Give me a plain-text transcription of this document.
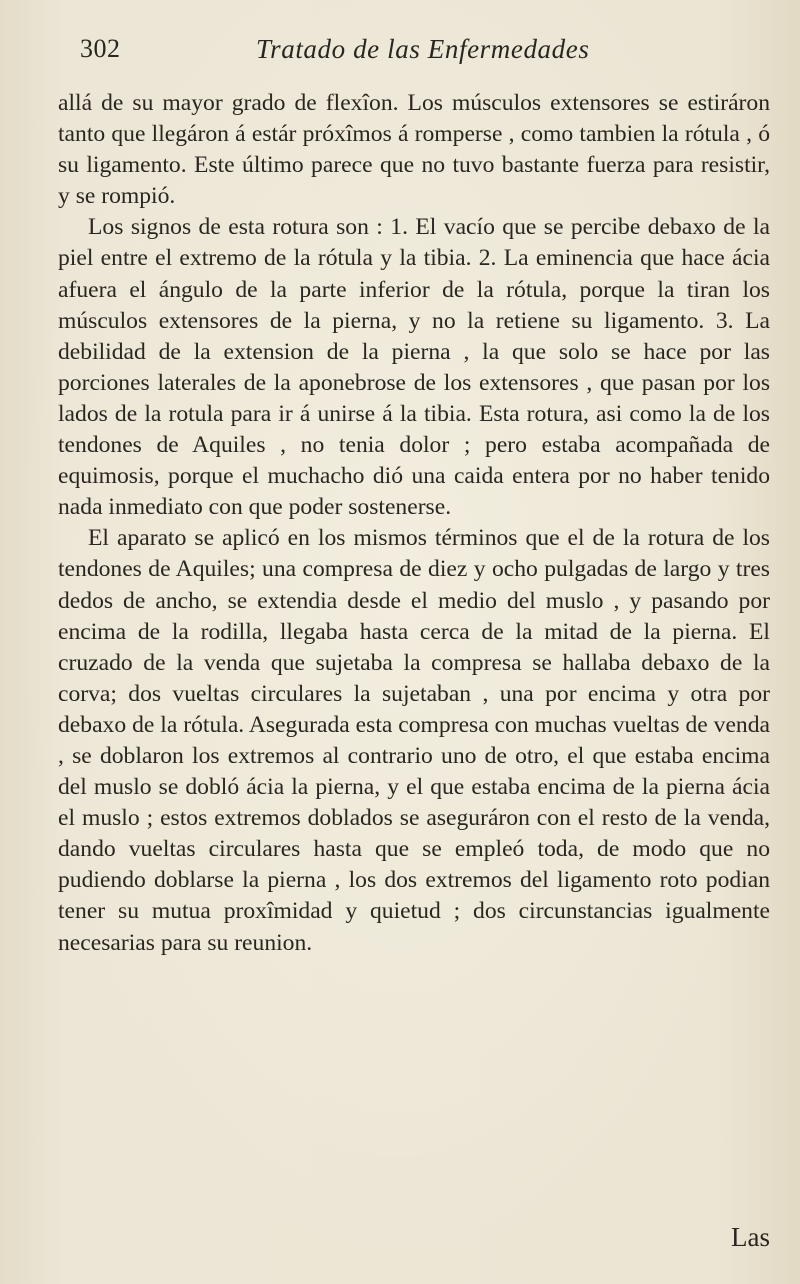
302	Tratado de las Enfermedades

allá de su mayor grado de flexîon. Los músculos extensores se estiráron tanto que llegáron á estár próxîmos á romperse , como tambien la rótula , ó su ligamento. Este último parece que no tuvo bastante fuerza para resistir, y se rompió.

Los signos de esta rotura son : 1. El vacío que se percibe debaxo de la piel entre el extremo de la rótula y la tibia. 2. La eminencia que hace ácia afuera el ángulo de la parte inferior de la rótula, porque la tiran los músculos extensores de la pierna, y no la retiene su ligamento. 3. La debilidad de la extension de la pierna , la que solo se hace por las porciones laterales de la aponebrose de los extensores , que pasan por los lados de la rotula para ir á unirse á la tibia. Esta rotura, asi como la de los tendones de Aquiles , no tenia dolor ; pero estaba acompañada de equimosis, porque el muchacho dió una caida entera por no haber tenido nada inmediato con que poder sostenerse.

El aparato se aplicó en los mismos términos que el de la rotura de los tendones de Aquiles; una compresa de diez y ocho pulgadas de largo y tres dedos de ancho, se extendia desde el medio del muslo , y pasando por encima de la rodilla, llegaba hasta cerca de la mitad de la pierna. El cruzado de la venda que sujetaba la compresa se hallaba debaxo de la corva; dos vueltas circulares la sujetaban , una por encima y otra por debaxo de la rótula. Asegurada esta compresa con muchas vueltas de venda , se doblaron los extremos al contrario uno de otro, el que estaba encima del muslo se dobló ácia la pierna, y el que estaba encima de la pierna ácia el muslo ; estos extremos doblados se aseguráron con el resto de la venda, dando vueltas circulares hasta que se empleó toda, de modo que no pudiendo doblarse la pierna , los dos extremos del ligamento roto podian tener su mutua proxîmidad y quietud ; dos circunstancias igualmente necesarias para su reunion.

Las
